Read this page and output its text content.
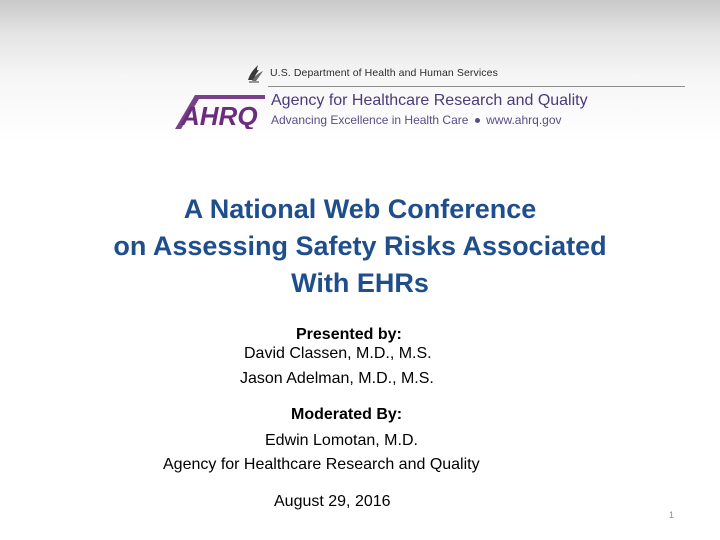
U.S. Department of Health and Human Services
AHRQ
Agency for Healthcare Research and Quality
Advancing Excellence in Health Care www.ahrq.gov
A National Web Conference
on Assessing Safety Risks Associated
With EHRs
Presented by:
David Classen, M.D., M.S.
Jason Adelman, M.D., M.S.
Moderated By:
Edwin Lomotan, M.D.
Agency for Healthcare Research and Quality
August 29, 2016
1
